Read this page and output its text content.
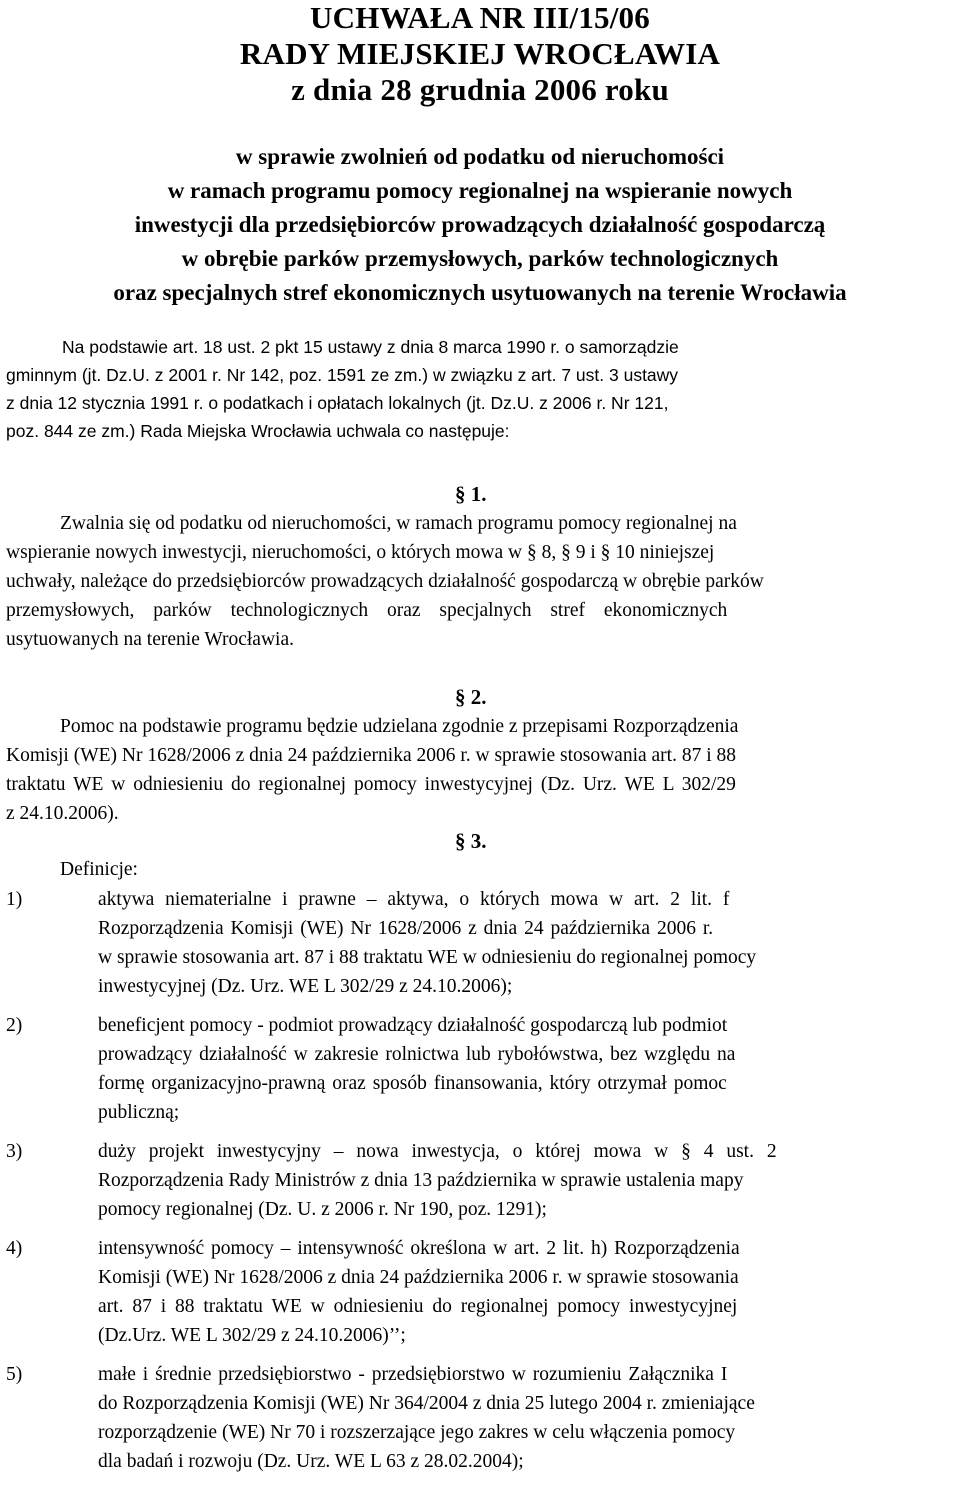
UCHWAŁA NR III/15/06
RADY MIEJSKIEJ WROCŁAWIA
z dnia 28 grudnia 2006 roku
w sprawie zwolnień od podatku od nieruchomości
w ramach programu pomocy regionalnej na wspieranie nowych
inwestycji dla przedsiębiorców prowadzących działalność gospodarczą
w obrębie parków przemysłowych, parków technologicznych
oraz specjalnych stref ekonomicznych usytuowanych na terenie Wrocławia
Na podstawie art. 18 ust. 2 pkt 15 ustawy z dnia 8 marca 1990 r. o samorządzie
gminnym (jt. Dz.U. z 2001 r. Nr 142, poz. 1591 ze zm.) w związku z art. 7 ust. 3 ustawy
z dnia 12 stycznia 1991 r. o podatkach i opłatach lokalnych (jt. Dz.U. z 2006 r. Nr 121,
poz. 844 ze zm.) Rada Miejska Wrocławia uchwala co następuje:
§ 1.
Zwalnia się od podatku od nieruchomości, w ramach programu pomocy regionalnej na
wspieranie nowych inwestycji, nieruchomości, o których mowa w § 8, § 9 i § 10 niniejszej
uchwały, należące do przedsiębiorców prowadzących działalność gospodarczą w obrębie parków
przemysłowych, parków technologicznych oraz specjalnych stref ekonomicznych
usytuowanych na terenie Wrocławia.
§ 2.
Pomoc na podstawie programu będzie udzielana zgodnie z przepisami Rozporządzenia
Komisji (WE) Nr 1628/2006 z dnia 24 października 2006 r. w sprawie stosowania art. 87 i 88
traktatu WE w odniesieniu do regionalnej pomocy inwestycyjnej (Dz. Urz. WE L 302/29
z 24.10.2006).
§ 3.
Definicje:
1)	aktywa niematerialne i prawne – aktywa, o których mowa w art. 2 lit. f
Rozporządzenia Komisji (WE) Nr 1628/2006 z dnia 24 października 2006 r.
w sprawie stosowania art. 87 i 88 traktatu WE w odniesieniu do regionalnej pomocy
inwestycyjnej (Dz. Urz. WE L 302/29 z 24.10.2006);
2)	beneficjent pomocy - podmiot prowadzący działalność gospodarczą lub podmiot
prowadzący działalność w zakresie rolnictwa lub rybołówstwa, bez względu na
formę organizacyjno-prawną oraz sposób finansowania, który otrzymał pomoc
publiczną;
3)	duży projekt inwestycyjny – nowa inwestycja, o której mowa w § 4 ust. 2
Rozporządzenia Rady Ministrów z dnia 13 października w sprawie ustalenia mapy
pomocy regionalnej (Dz. U. z 2006 r. Nr 190, poz. 1291);
4)	intensywność pomocy – intensywność określona w art. 2 lit. h) Rozporządzenia
Komisji (WE) Nr 1628/2006 z dnia 24 października 2006 r. w sprawie stosowania
art. 87 i 88 traktatu WE w odniesieniu do regionalnej pomocy inwestycyjnej
(Dz.Urz. WE L 302/29 z 24.10.2006)’’;
5)	małe i średnie przedsiębiorstwo - przedsiębiorstwo w rozumieniu Załącznika I
do Rozporządzenia Komisji (WE) Nr 364/2004 z dnia 25 lutego 2004 r. zmieniające
rozporządzenie (WE) Nr 70 i rozszerzające jego zakres w celu włączenia pomocy
dla badań i rozwoju (Dz. Urz. WE L 63 z 28.02.2004);
